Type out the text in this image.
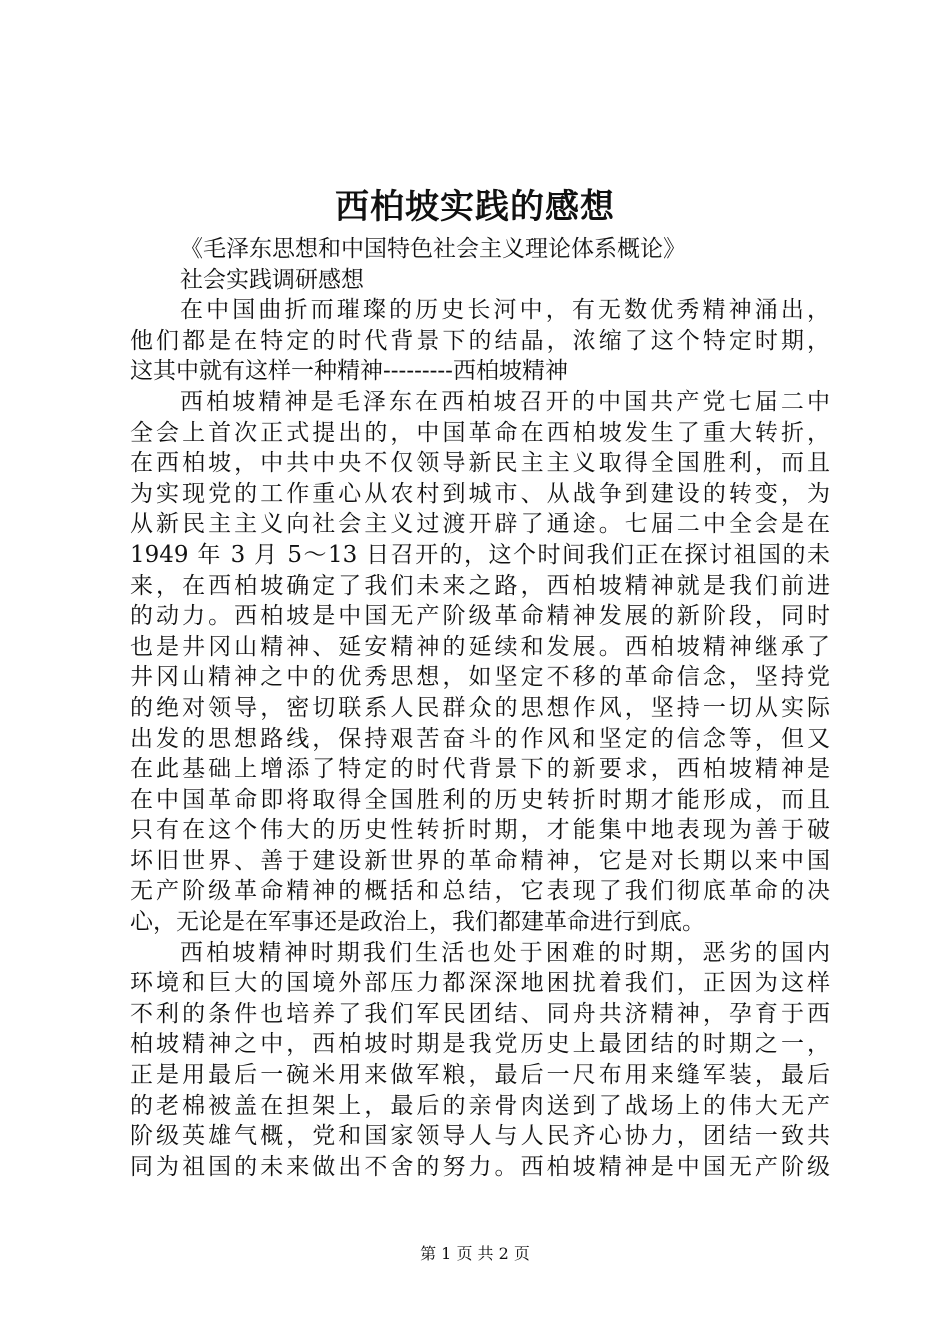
西柏坡实践的感想
《毛泽东思想和中国特色社会主义理论体系概论》
社会实践调研感想
在中国曲折而璀璨的历史长河中，有无数优秀精神涌出，
他们都是在特定的时代背景下的结晶，浓缩了这个特定时期，
这其中就有这样一种精神---------西柏坡精神
西柏坡精神是毛泽东在西柏坡召开的中国共产党七届二中
全会上首次正式提出的，中国革命在西柏坡发生了重大转折，
在西柏坡，中共中央不仅领导新民主主义取得全国胜利，而且
为实现党的工作重心从农村到城市、从战争到建设的转变，为
从新民主主义向社会主义过渡开辟了通途。七届二中全会是在
1949 年 3 月 5～13 日召开的，这个时间我们正在探讨祖国的未
来，在西柏坡确定了我们未来之路，西柏坡精神就是我们前进
的动力。西柏坡是中国无产阶级革命精神发展的新阶段，同时
也是井冈山精神、延安精神的延续和发展。西柏坡精神继承了
井冈山精神之中的优秀思想，如坚定不移的革命信念，坚持党
的绝对领导，密切联系人民群众的思想作风，坚持一切从实际
出发的思想路线，保持艰苦奋斗的作风和坚定的信念等，但又
在此基础上增添了特定的时代背景下的新要求，西柏坡精神是
在中国革命即将取得全国胜利的历史转折时期才能形成，而且
只有在这个伟大的历史性转折时期，才能集中地表现为善于破
坏旧世界、善于建设新世界的革命精神，它是对长期以来中国
无产阶级革命精神的概括和总结，它表现了我们彻底革命的决
心，无论是在军事还是政治上，我们都建革命进行到底。
西柏坡精神时期我们生活也处于困难的时期，恶劣的国内
环境和巨大的国境外部压力都深深地困扰着我们，正因为这样
不利的条件也培养了我们军民团结、同舟共济精神，孕育于西
柏坡精神之中，西柏坡时期是我党历史上最团结的时期之一，
正是用最后一碗米用来做军粮，最后一尺布用来缝军装，最后
的老棉被盖在担架上，最后的亲骨肉送到了战场上的伟大无产
阶级英雄气概，党和国家领导人与人民齐心协力，团结一致共
同为祖国的未来做出不舍的努力。西柏坡精神是中国无产阶级
第 1 页 共 2 页
